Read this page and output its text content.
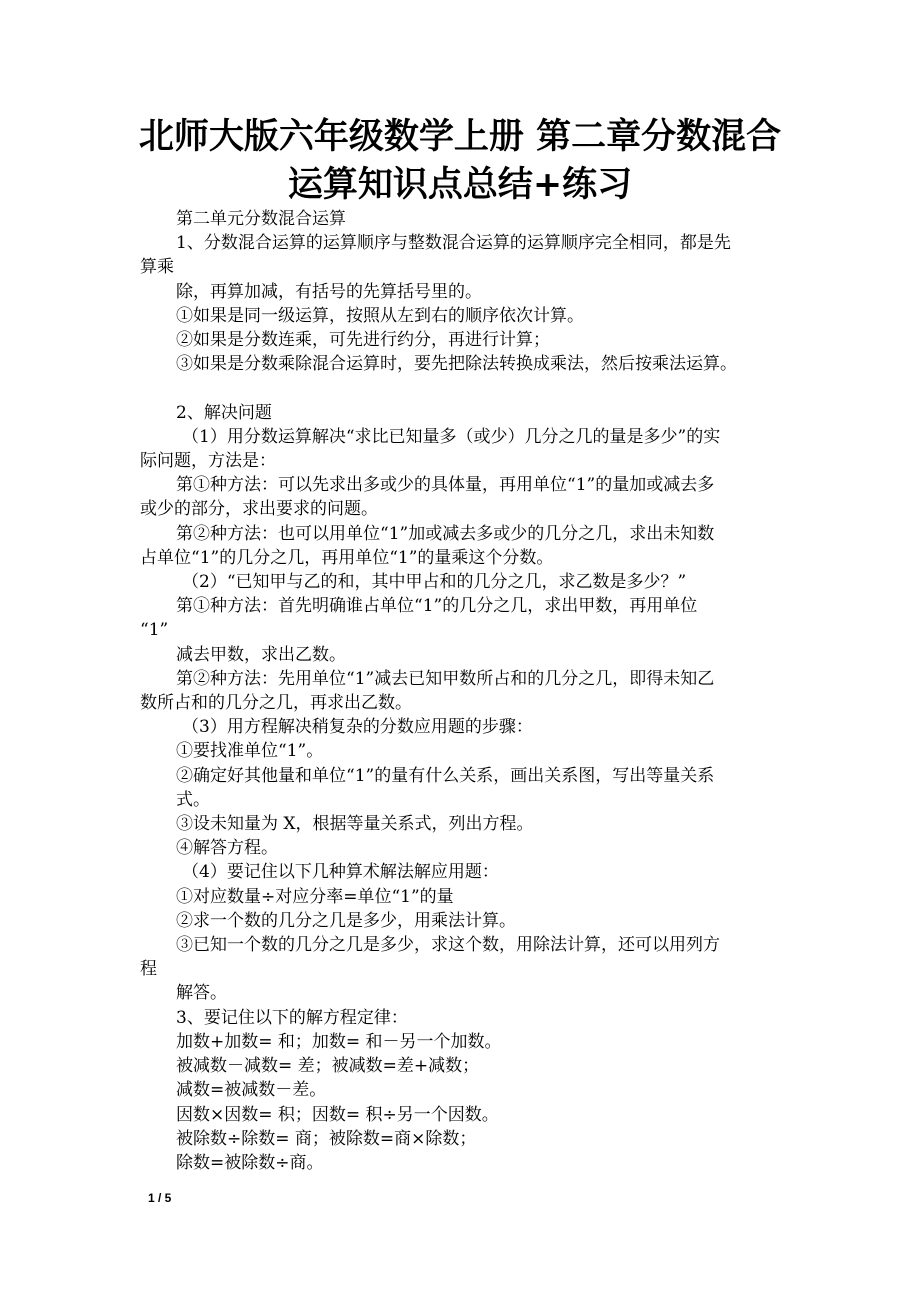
北师大版六年级数学上册 第二章分数混合
运算知识点总结+练习

第二单元分数混合运算

1、分数混合运算的运算顺序与整数混合运算的运算顺序完全相同，都是先

算乘

除，再算加减，有括号的先算括号里的。

①如果是同一级运算，按照从左到右的顺序依次计算。

②如果是分数连乘，可先进行约分，再进行计算；

③如果是分数乘除混合运算时，要先把除法转换成乘法，然后按乘法运算。

2、解决问题

（1）用分数运算解决“求比已知量多（或少）几分之几的量是多少”的实

际问题，方法是：

第①种方法：可以先求出多或少的具体量，再用单位“1”的量加或减去多

或少的部分，求出要求的问题。

第②种方法：也可以用单位“1”加或减去多或少的几分之几，求出未知数

占单位“1”的几分之几，再用单位“1”的量乘这个分数。

（2）“已知甲与乙的和，其中甲占和的几分之几，求乙数是多少？”

第①种方法：首先明确谁占单位“1”的几分之几，求出甲数，再用单位

“1”

减去甲数，求出乙数。

第②种方法：先用单位“1”减去已知甲数所占和的几分之几，即得未知乙

数所占和的几分之几，再求出乙数。

（3）用方程解决稍复杂的分数应用题的步骤：

①要找准单位“1”。

②确定好其他量和单位“1”的量有什么关系，画出关系图，写出等量关系

式。

③设未知量为 X，根据等量关系式，列出方程。

④解答方程。

（4）要记住以下几种算术解法解应用题：

①对应数量÷对应分率=单位“1”的量

②求一个数的几分之几是多少，用乘法计算。

③已知一个数的几分之几是多少，求这个数，用除法计算，还可以用列方

程

解答。

3、要记住以下的解方程定律：

加数+加数= 和；加数= 和－另一个加数。

被减数－减数= 差；被减数=差+减数；

减数=被减数－差。

因数×因数= 积；因数= 积÷另一个因数。

被除数÷除数= 商；被除数=商×除数；

除数=被除数÷商。

1 / 5
